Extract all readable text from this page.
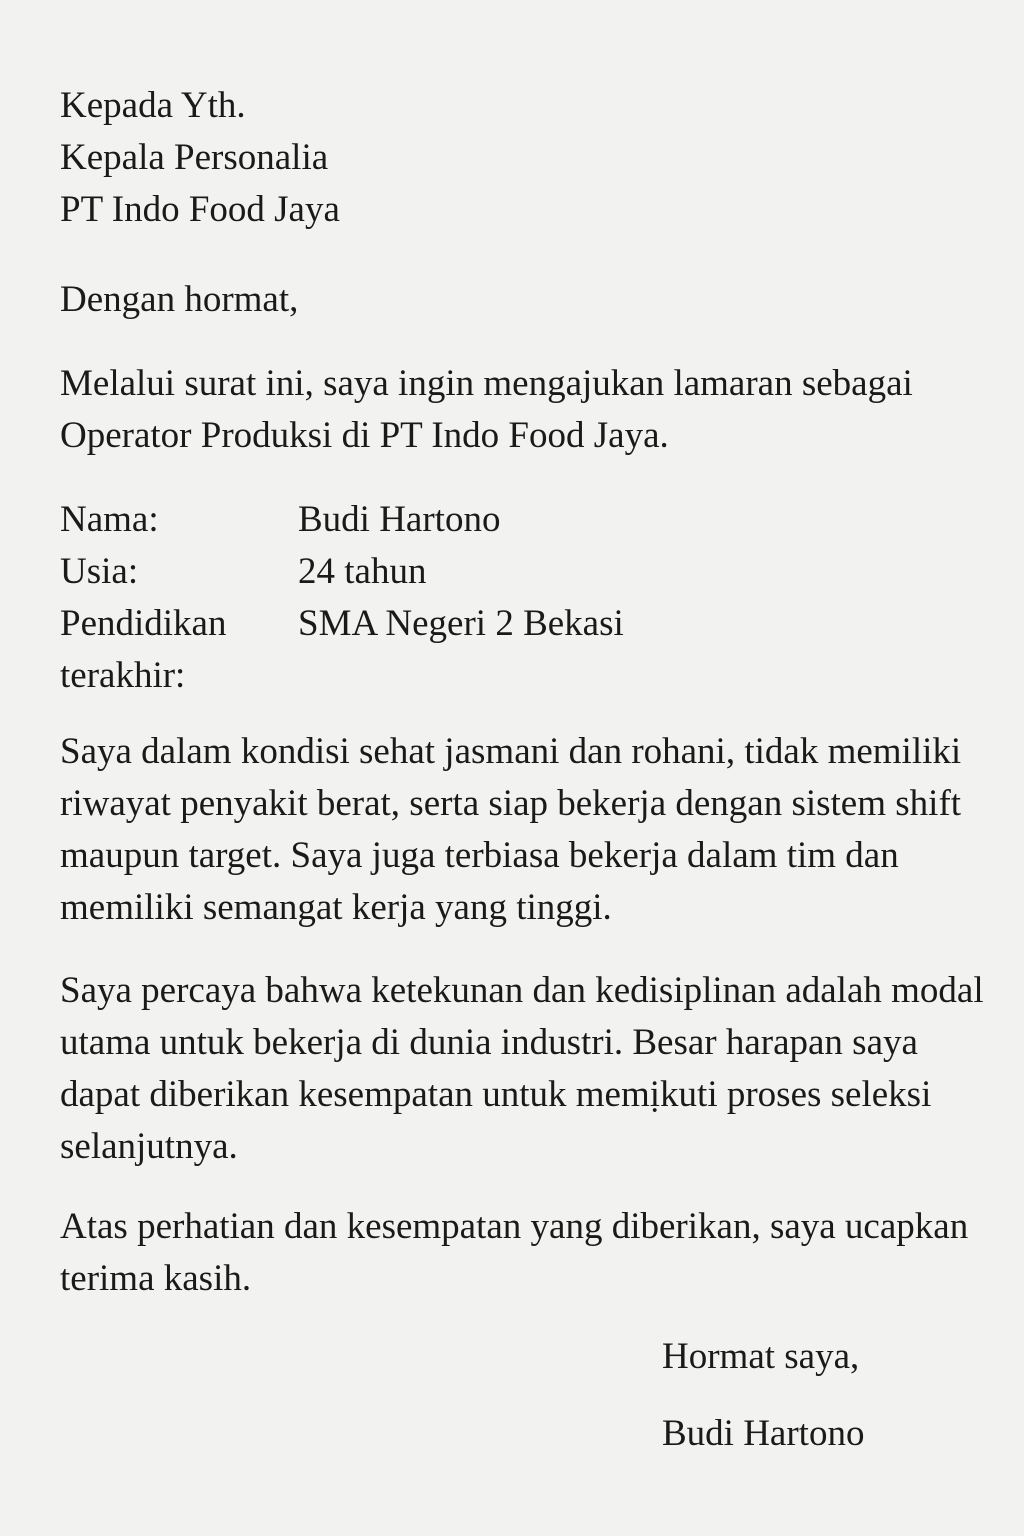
Kepada Yth.
Kepala Personalia
PT Indo Food Jaya
Dengan hormat,
Melalui surat ini, saya ingin mengajukan lamaran sebagai Operator Produksi di PT Indo Food Jaya.
Nama:	Budi Hartono
Usia:	24 tahun
Pendidikan terakhir:
SMA Negeri 2 Bekasi
Saya dalam kondisi sehat jasmani dan rohani, tidak memiliki riwayat penyakit berat, serta siap bekerja dengan sistem shift maupun target. Saya juga terbiasa bekerja dalam tim dan memiliki semangat kerja yang tinggi.
Saya percaya bahwa ketekunan dan kedisiplinan adalah modal utama untuk bekerja di dunia industri. Besar harapan saya dapat diberikan kesempatan untuk memịkuti proses seleksi selanjutnya.
Atas perhatian dan kesempatan yang diberikan, saya ucapkan terima kasih.
Hormat saya,
Budi Hartono
